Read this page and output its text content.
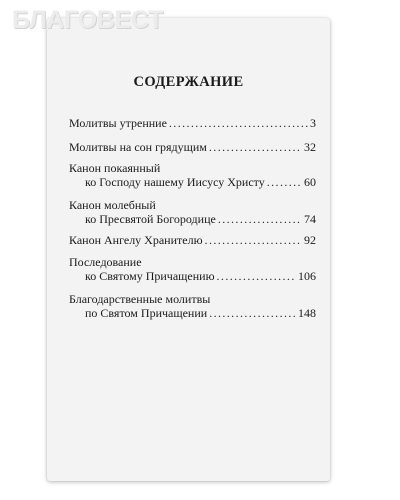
БЛАГОВЕСТ
СОДЕРЖАНИЕ
Молитвы утренние .....	3
Молитвы на сон грядущим .....	32
Канон покаянный
ко Господу нашему Иисусу Христу .....	60
Канон молебный
ко Пресвятой Богородице .....	74
Канон Ангелу Хранителю .....	92
Последование
ко Святому Причащению .....	106
Благодарственные молитвы
по Святом Причащении .....	148
